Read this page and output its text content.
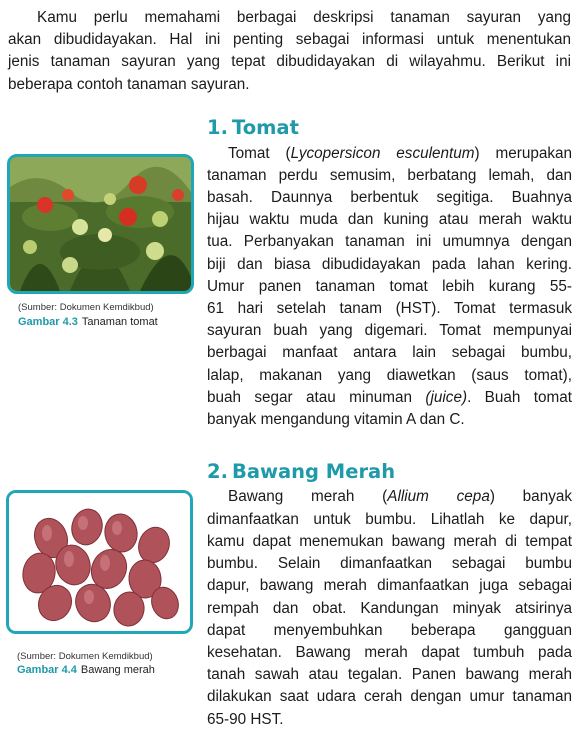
Kamu perlu memahami berbagai deskripsi tanaman sayuran yang
akan dibudidayakan. Hal ini penting sebagai informasi untuk menentukan
jenis tanaman sayuran yang tepat dibudidayakan di wilayahmu. Berikut ini
beberapa contoh tanaman sayuran.
1. Tomat
(Sumber: Dokumen Kemdikbud)
Gambar 4.3 Tanaman tomat
Tomat (Lycopersicon esculentum) merupakan
tanaman perdu semusim, berbatang lemah, dan
basah. Daunnya berbentuk segitiga. Buahnya
hijau waktu muda dan kuning atau merah waktu
tua. Perbanyakan tanaman ini umumnya dengan
biji dan biasa dibudidayakan pada lahan kering.
Umur panen tanaman tomat lebih kurang 55-
61 hari setelah tanam (HST). Tomat termasuk
sayuran buah yang digemari. Tomat mempunyai
berbagai manfaat antara lain sebagai bumbu,
lalap, makanan yang diawetkan (saus tomat),
buah segar atau minuman (juice). Buah tomat
banyak mengandung vitamin A dan C.
2. Bawang Merah
(Sumber: Dokumen Kemdikbud)
Gambar 4.4 Bawang merah
Bawang merah (Allium cepa) banyak
dimanfaatkan untuk bumbu. Lihatlah ke dapur,
kamu dapat menemukan bawang merah di tempat
bumbu. Selain dimanfaatkan sebagai bumbu
dapur, bawang merah dimanfaatkan juga sebagai
rempah dan obat. Kandungan minyak atsirinya
dapat menyembuhkan beberapa gangguan
kesehatan. Bawang merah dapat tumbuh pada
tanah sawah atau tegalan. Panen bawang merah
dilakukan saat udara cerah dengan umur tanaman
65-90 HST.
